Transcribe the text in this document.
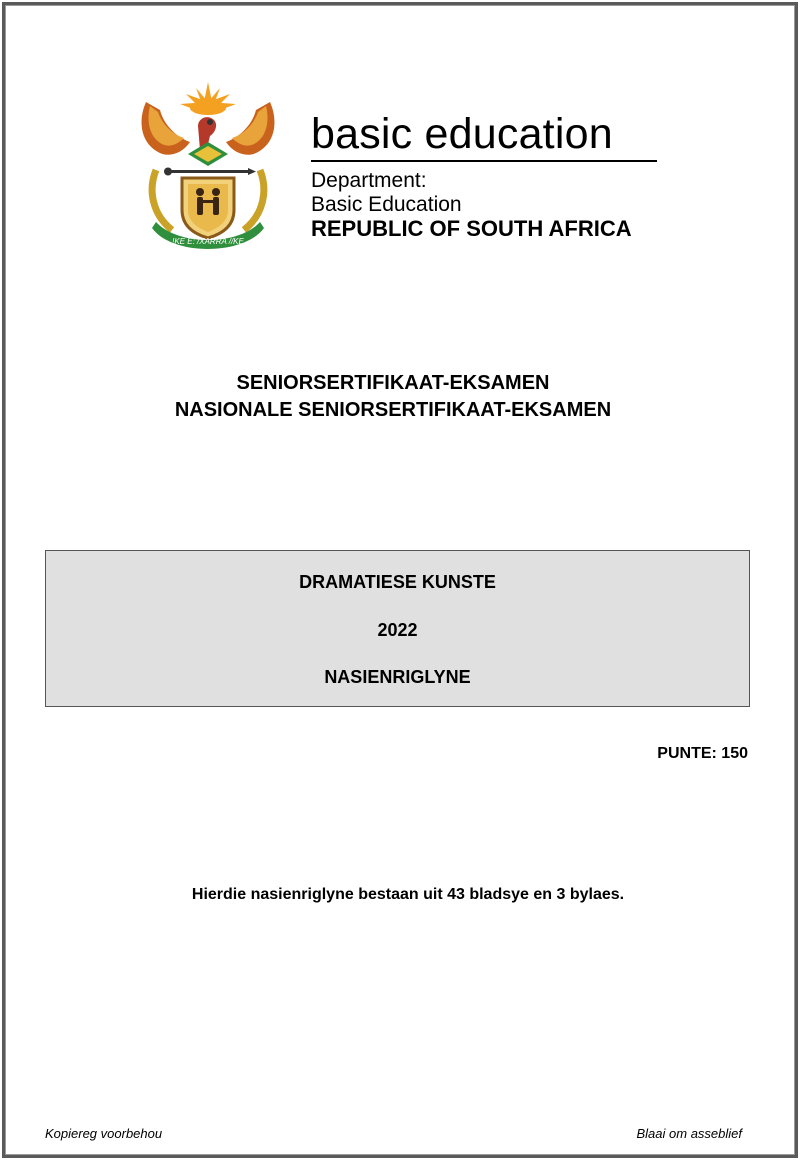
!KE E: /XARRA //KE
basic education
Department:
Basic Education
REPUBLIC OF SOUTH AFRICA
SENIORSERTIFIKAAT-EKSAMEN
NASIONALE SENIORSERTIFIKAAT-EKSAMEN
DRAMATIESE KUNSTE
2022
NASIENRIGLYNE
PUNTE: 150
Hierdie nasienriglyne bestaan uit 43 bladsye en 3 bylaes.
Kopiereg voorbehou	Blaai om asseblief
